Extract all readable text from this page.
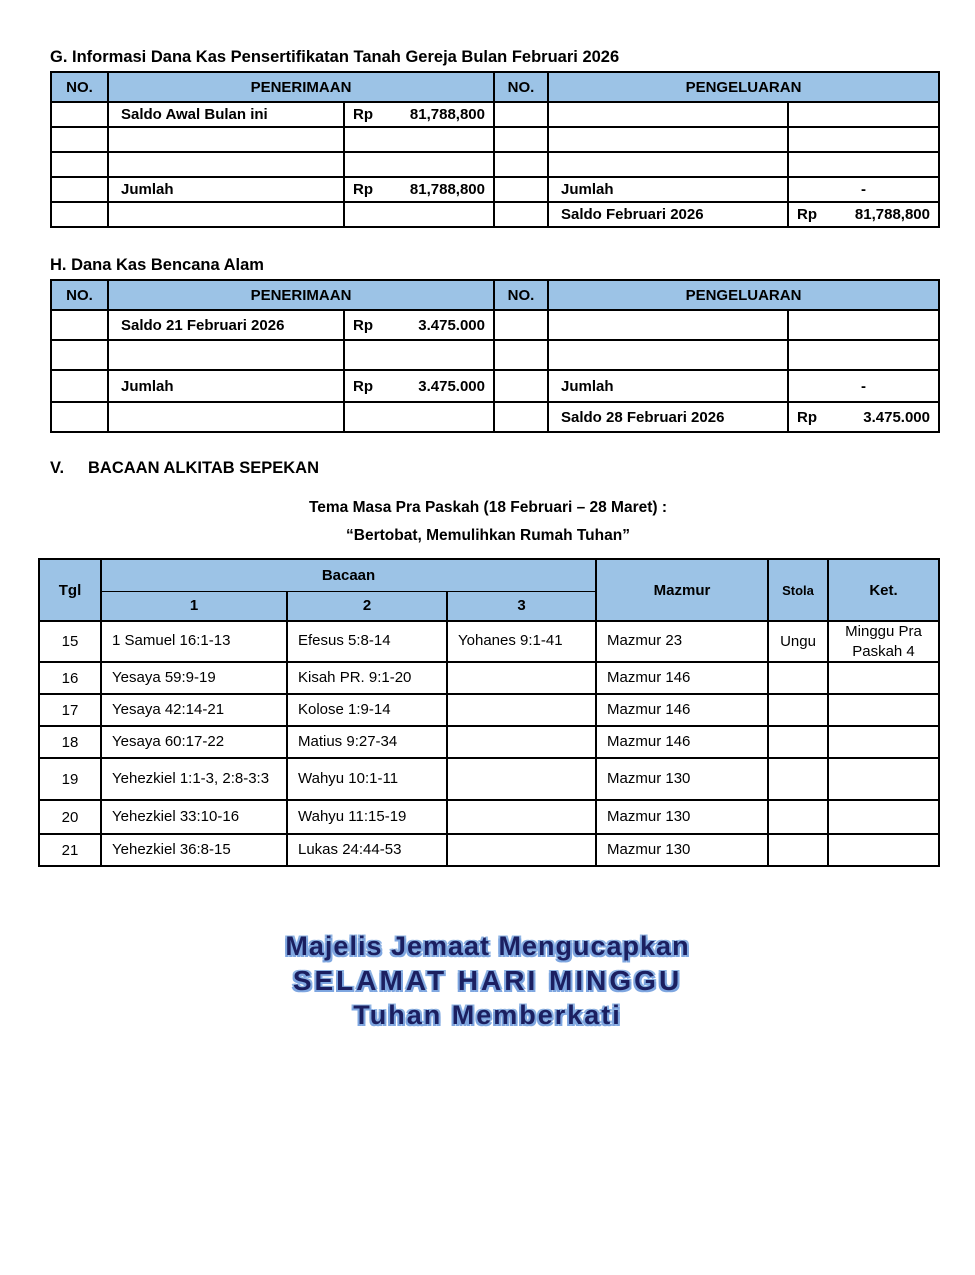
G. Informasi Dana Kas Pensertifikatan Tanah Gereja Bulan Februari 2026
NO.	PENERIMAAN		NO.	PENGELUARAN	
	Saldo Awal Bulan ini	Rp 81,788,800			

	Jumlah	Rp 81,788,800		Jumlah	-
				Saldo Februari 2026	Rp 81,788,800
H. Dana Kas Bencana Alam
NO.	PENERIMAAN		NO.	PENGELUARAN	
	Saldo 21 Februari 2026	Rp 3.475.000			

	Jumlah	Rp 3.475.000		Jumlah	-
				Saldo 28 Februari 2026	Rp 3.475.000
V. BACAAN ALKITAB SEPEKAN
Tema Masa Pra Paskah (18 Februari – 28 Maret) :
“Bertobat, Memulihkan Rumah Tuhan”
Tgl	Bacaan			Mazmur	Stola	Ket.
	1	2	3			
15	1 Samuel 16:1-13	Efesus 5:8-14	Yohanes 9:1-41	Mazmur 23	Ungu	Minggu Pra Paskah 4
16	Yesaya 59:9-19	Kisah PR. 9:1-20		Mazmur 146		
17	Yesaya 42:14-21	Kolose 1:9-14		Mazmur 146		
18	Yesaya 60:17-22	Matius 9:27-34		Mazmur 146		
19	Yehezkiel 1:1-3, 2:8-3:3	Wahyu 10:1-11		Mazmur 130		
20	Yehezkiel 33:10-16	Wahyu 11:15-19		Mazmur 130		
21	Yehezkiel 36:8-15	Lukas 24:44-53		Mazmur 130		
Majelis Jemaat Mengucapkan
SELAMAT HARI MINGGU
Tuhan Memberkati
